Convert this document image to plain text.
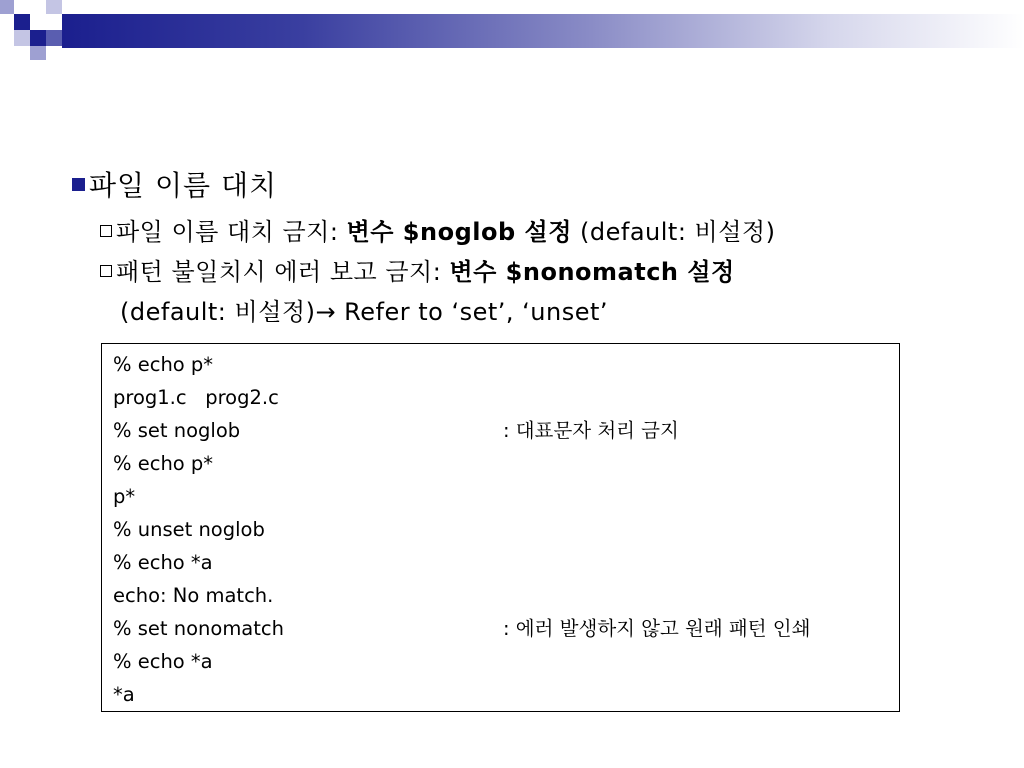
파일 이름 대치
파일 이름 대치 금지: 변수 $noglob 설정 (default: 비설정)
패턴 불일치시 에러 보고 금지: 변수 $nonomatch 설정
(default: 비설정)→ Refer to ‘set’, ‘unset’
% echo p*
prog1.c   prog2.c
% set noglob	: 대표문자 처리 금지
% echo p*
p*
% unset noglob
% echo *a
echo: No match.
% set nonomatch	: 에러 발생하지 않고 원래 패턴 인쇄
% echo *a
*a
